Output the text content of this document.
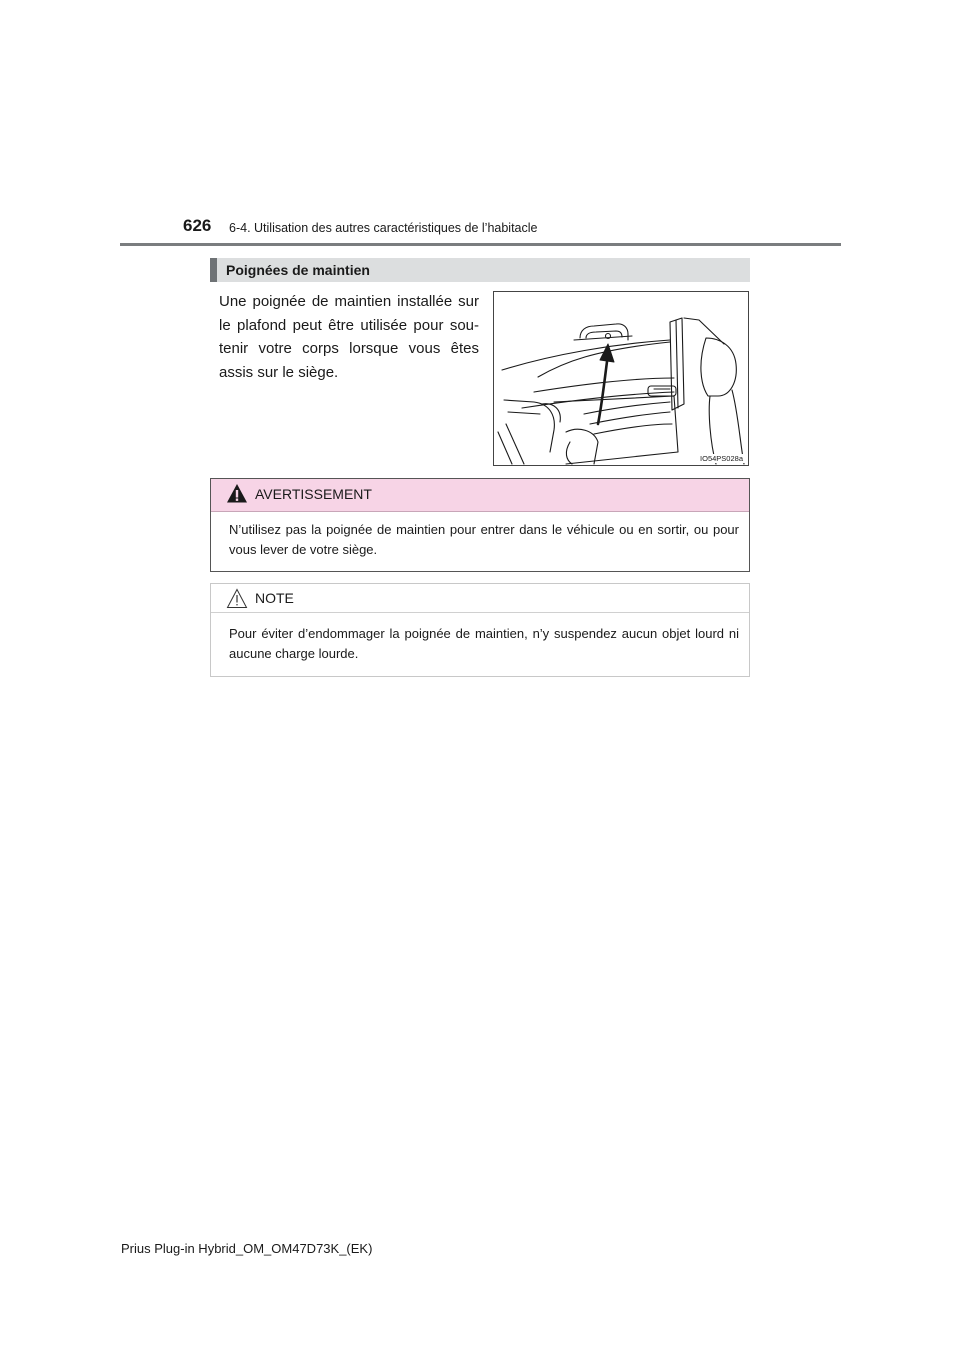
626 6-4. Utilisation des autres caractéristiques de l’habitacle
Poignées de maintien
Une poignée de maintien installée sur le plafond peut être utilisée pour sou-tenir votre corps lorsque vous êtes assis sur le siège.
IO54PS028a
AVERTISSEMENT
N’utilisez pas la poignée de maintien pour entrer dans le véhicule ou en sortir, ou pour vous lever de votre siège.
NOTE
Pour éviter d’endommager la poignée de maintien, n’y suspendez aucun objet lourd ni aucune charge lourde.
Prius Plug-in Hybrid_OM_OM47D73K_(EK)
